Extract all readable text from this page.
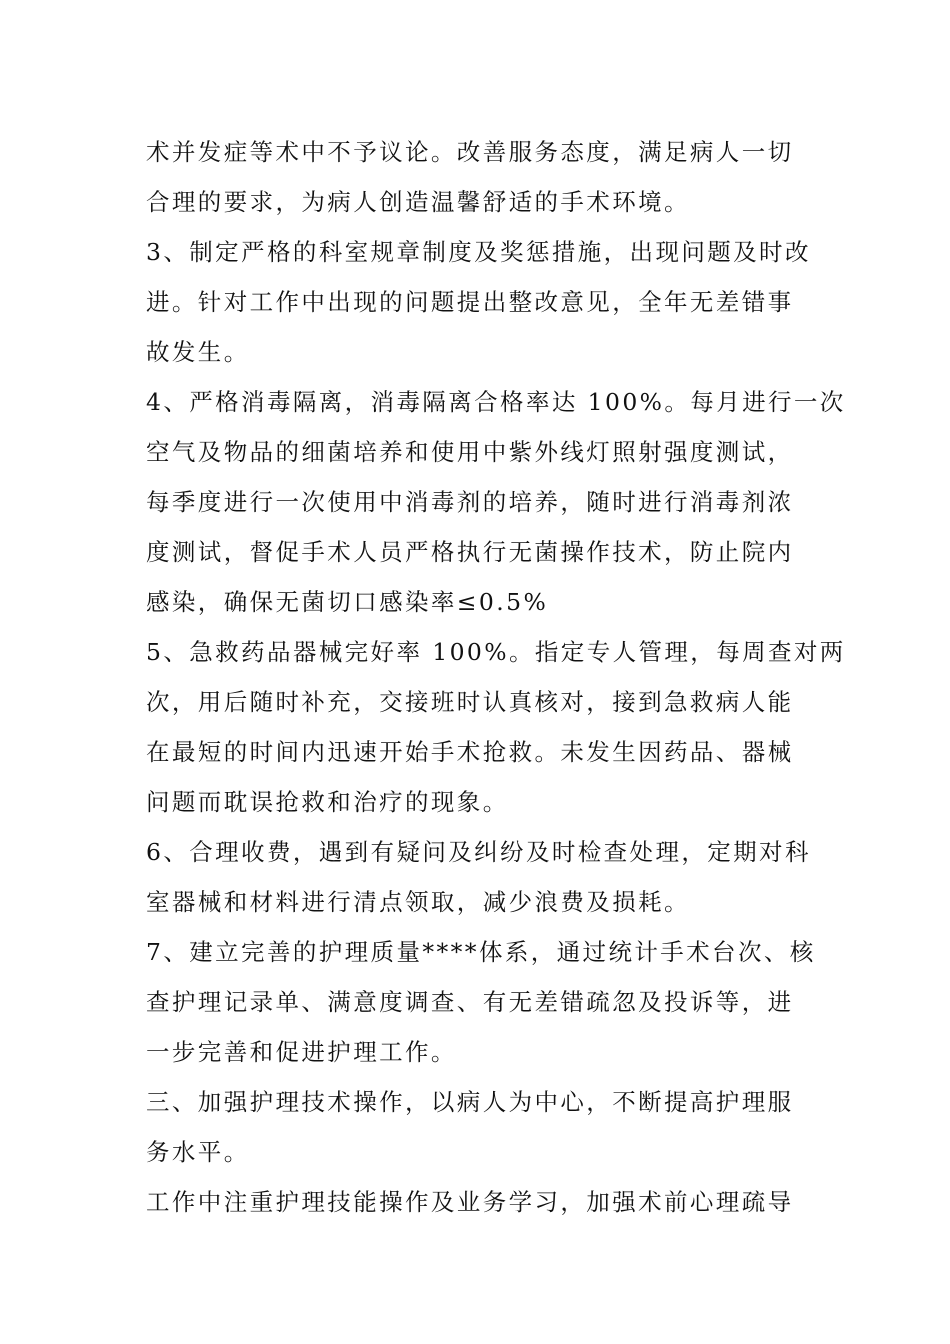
术并发症等术中不予议论。改善服务态度，满足病人一切
合理的要求，为病人创造温馨舒适的手术环境。
3、制定严格的科室规章制度及奖惩措施，出现问题及时改
进。针对工作中出现的问题提出整改意见，全年无差错事
故发生。
4、严格消毒隔离，消毒隔离合格率达 100%。每月进行一次
空气及物品的细菌培养和使用中紫外线灯照射强度测试，
每季度进行一次使用中消毒剂的培养，随时进行消毒剂浓
度测试，督促手术人员严格执行无菌操作技术，防止院内
感染，确保无菌切口感染率≤0.5%
5、急救药品器械完好率 100%。指定专人管理，每周查对两
次，用后随时补充，交接班时认真核对，接到急救病人能
在最短的时间内迅速开始手术抢救。未发生因药品、器械
问题而耽误抢救和治疗的现象。
6、合理收费，遇到有疑问及纠纷及时检查处理，定期对科
室器械和材料进行清点领取，减少浪费及损耗。
7、建立完善的护理质量****体系，通过统计手术台次、核
查护理记录单、满意度调查、有无差错疏忽及投诉等，进
一步完善和促进护理工作。
三、加强护理技术操作，以病人为中心，不断提高护理服
务水平。
工作中注重护理技能操作及业务学习，加强术前心理疏导
